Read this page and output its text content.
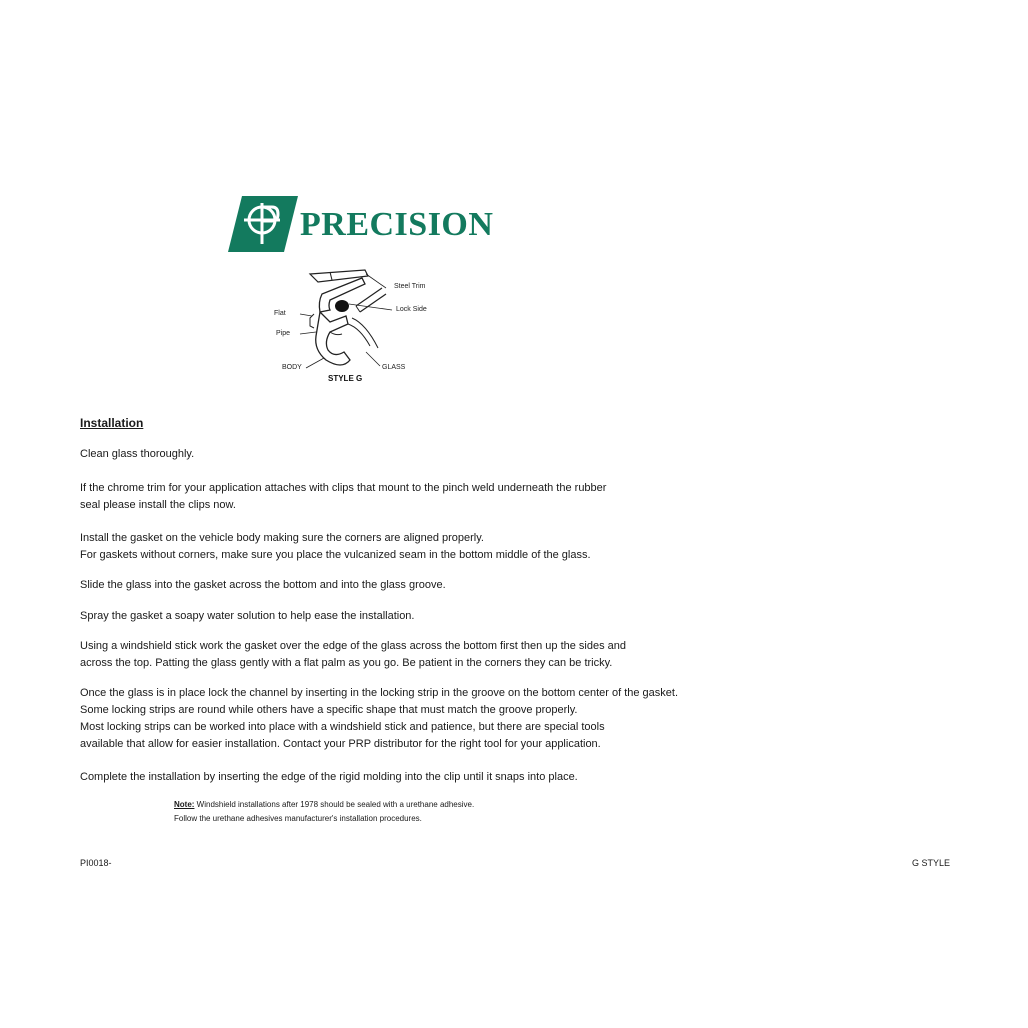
PRECISION
Steel Trim
Lock Side
Flat
Pipe
BODY	GLASS
STYLE G
Installation
Clean glass thoroughly.
If the chrome trim for your application attaches with clips that mount to the pinch weld underneath the rubber
seal please install the clips now.
Install the gasket on the vehicle body making sure the corners are aligned properly.
For gaskets without corners, make sure you place the vulcanized seam in the bottom middle of the glass.
Slide the glass into the gasket across the bottom and into the glass groove.
Spray the gasket a soapy water solution to help ease the installation.
Using a windshield stick work the gasket over the edge of the glass across the bottom first then up the sides and
across the top. Patting the glass gently with a flat palm as you go. Be patient in the corners they can be tricky.
Once the glass is in place lock the channel by inserting in the locking strip in the groove on the bottom center of the gasket.
Some locking strips are round while others have a specific shape that must match the groove properly.
Most locking strips can be worked into place with a windshield stick and patience, but there are special tools
available that allow for easier installation. Contact your PRP distributor for the right tool for your application.
Complete the installation by inserting the edge of the rigid molding into the clip until it snaps into place.
Note: Windshield installations after 1978 should be sealed with a urethane adhesive.
Follow the urethane adhesives manufacturer's installation procedures.
PI0018-	G STYLE
